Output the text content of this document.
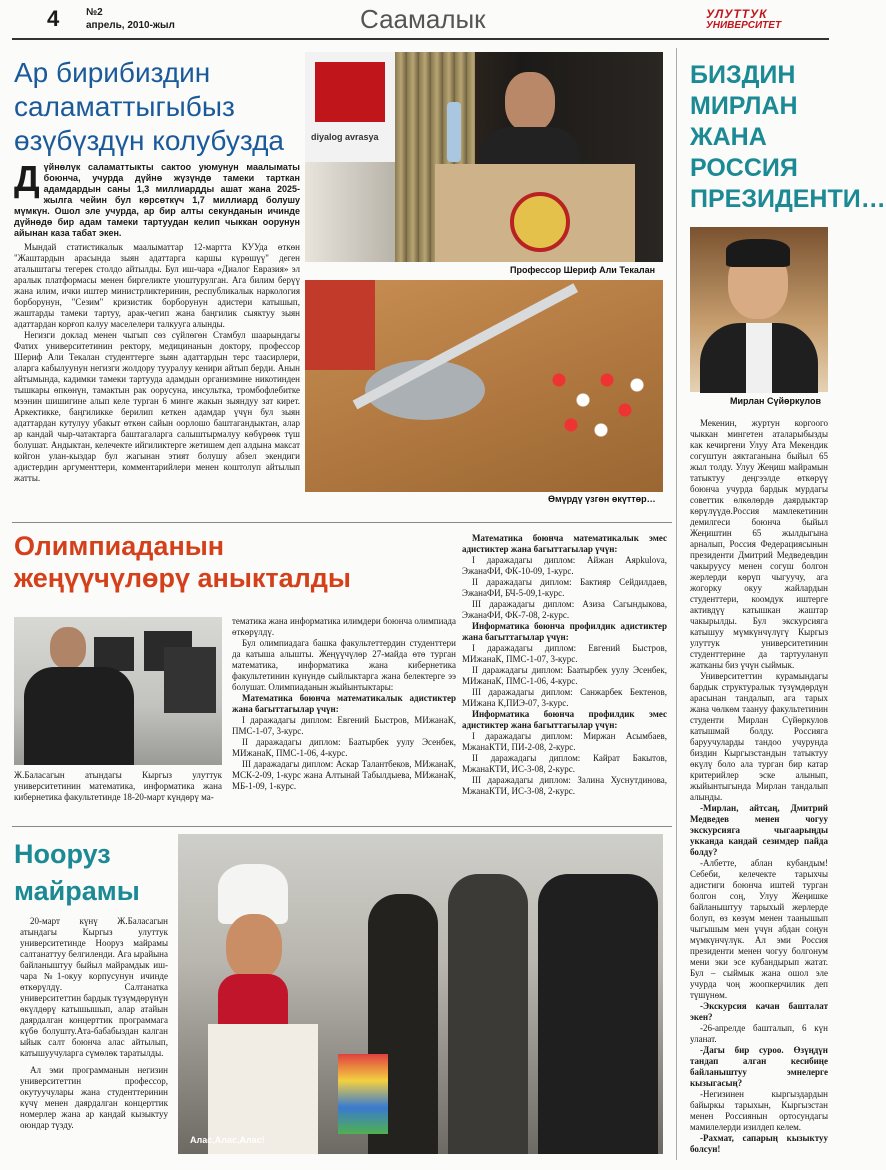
4	№2
апрель, 2010-жыл	Саамалык	УЛУТТУК
УНИВЕРСИТЕТ
Ар бирибиздин
саламаттыгыбыз
өзүбүздүн колубузда
Д үйнөлүк саламаттыкты сактоо уюмунун маалыматы боюнча, учурда дүйнө жүзүндө тамеки тарткан адамдардын саны 1,3 миллиардды ашат жана 2025-жылга чейин бул көрсөткүч 1,7 миллиард болушу мүмкүн. Ошол эле учурда, ар бир алты секунданын ичинде дүйнөдө бир адам тамеки тартуудан келип чыккан оорунун айынан каза табат экен.

Мындай статистикалык маалыматтар 12-мартта КУУда өткөн "Жаштардын арасында зыян адаттарга каршы күрөшүү" деген аталыштагы тегерек столдо айтылды. Бул иш-чара «Диалог Евразия» эл аралык платформасы менен биргеликте уюштурулган. Ага билим берүү жана илим, ички иштер министрликтеринин, республикалык наркология борборунун, "Сезим" кризистик борборунун адистери катышып, жаштарды тамеки тартуу, арак-чегип жана баңгилик сыяктуу зыян адаттардан корғоп калуу маселелери талкууга алынды.

Негизги доклад менен чыгып сөз сүйлөгөн Стамбул шаарындагы Фатих университетинин ректору, медицинанын доктору, профессор Шериф Али Текалан студенттерге зыян адаттардын терс таасирлери, аларга кабылуунун негизги жолдору тууралуу кенири айтып берди. Анын айтымында, кадимки тамеки тартууда адамдын организмине никотинден тышкары өпкөнүн, тамактын рак оорусуна, инсультка, тромбофлебитке мээнин шишигине алып келе турган 6 минге жакын зыяндуу зат кирет. Аркектикке, баңгиликке берилип кеткен адамдар үчүн бул зыян адаттардан кутулуу убакыт өткөн сайын оорлошо баштагандыктан, алар ар кандай чыр-чатактарга баштагаларга салыштырмалуу көбүрөөк түш болушат. Андыктан, келечекте ийгиликтерге жетишем деп алдына максат койгон улан-кыздар бул жагынан этият болушу абзел экендиги адистердин аргументтери, комментарийлери менен коштолуп айтылып жатты.

diyalog avrasya
Профессор Шериф Али Текалан
Өмүрдү үзгөн өкүттөр…
БИЗДИН
МИРЛАН
ЖАНА
РОССИЯ
ПРЕЗИДЕНТИ…
Мирлан Сүйөркулов

Мекенин, журтун коргоого чыккан мингетен аталарыбызды как кечиргени Улуу Ата Мекендик согуштун аяктаганына быйыл 65 жыл толду. Улуу Жеңиш майрамын татыктуу деңгээлде өткөрүү боюнча учурда бардык мурдагы советтик өлкөлөрдө даярдыктар көрүлүүдө.Россия мамлекетинин демилгеси боюнча быйыл Жеңиштин 65 жылдыгына арналып, Россия Федерациясынын президенти Дмитрий Медведевдин чакыруусу менен согуш болгон жерлерди көрүп чыгуучу, ага жогорку окуу жайлардын студенттери, коомдук иштерге активдүү катышкан жаштар чакырылды. Бул экскурсияга катышуу мүмкүнчүлүгү Кыргыз улуттук университетинин студенттерине да тартуулануп жатканы биз үчүн сыймык.

Университеттин курамындагы бардык структуралык түзүмдөрдүн арасынан тандалып, ага тарых жана чөлкөм таануу факультетинин студенти Мирлан Сүйөркулов катышмай болду. Россияга баруучуларды тандоо учурунда биздин Кыргызстандын татыктуу өкүлү боло ала турган бир катар критерийлер эске алынып, жыйынтыгында Мирлан тандалып алынды.

-Мирлан, айтсаң, Дмитрий Медведев менен чогуу экскурсияга чыгаарыңды укканда кандай сезимдер пайда болду?

-Албетте, аблан кубандым! Себеби, келечекте тарыхчы адистиги боюнча иштей турган болгон соң, Улуу Жеңишке байланыштуу тарыхый жерлерде болуп, өз көзүм менен таанышып чыгышым мен үчүн абдан соңун мүмкүнчүлүк. Ал эми Россия президенти менен чогуу болгонум мени эки эсе кубандырып жатат. Бул – сыймык жана ошол эле учурда чоң жоопкерчилик деп түшүнөм.

-Экскурсия качан башталат экен?

-26-апрелде башталып, 6 күн уланат.

-Дагы бир суроо. Өзүңдүн тандап алган кесибиңе байланыштуу эмнелерге кызыгасың?

-Негизинен кыргыздардын байыркы тарыхын, Кыргызстан менен Россиянын ортосундагы мамилелерди изилдеп келем.

-Рахмат, сапарың кызыктуу болсун!

Олимпиаданын
жеңүүчүлөрү аныкталды

Ж.Баласагын атындагы Кыргыз улуттук университетинин математика, информатика жана кибернетика факультетинде 18-20-март күндөрү ма-

тематика жана информатика илимдери боюнча олимпиада өткөрүлдү.

Бул олимпиадага башка факультеттердин студенттери да катыша алышты. Жеңүүчүлөр 27-майда өтө турган математика, информатика жана кибернетика факультетинин күнүндө сыйлыктарга жана белектерге ээ болушат. Олимпиаданын жыйынтыктары:

Математика боюнча математикалык адистиктер жана багыттагылар үчүн:

I даражадагы диплом: Евгений Быстров, МИжанаК, ПМС-1-07, 3-курс.

II даражадагы диплом: Баатырбек уулу Эсенбек, МИжанаК, ПМС-1-06, 4-курс.

III даражадагы диплом: Аскар Талантбеков, МИжанаК, МСК-2-09, 1-курс жана Алтынай Табылдыева, МИжанаК, МБ-1-09, 1-курс.

Математика боюнча математикалык эмес адистиктер жана багыттагылар үчүн:

I даражадагы диплом: Айжан Аярkulova, ЭжанаФИ, ФК-10-09, 1-курс.

II даражадагы диплом: Бактияр Сейдилдаев, ЭжанаФИ, БЧ-5-09,1-курс.

III даражадагы диплом: Азиза Сагындыкова, ЭжанаФИ, ФК-7-08, 2-курс.

Информатика боюнча профилдик адистиктер жана багыттагылар үчүн:

I даражадагы диплом: Евгений Быстров, МИжанаК, ПМС-1-07, 3-курс.

II даражадагы диплом: Баатырбек уулу Эсенбек, МИжанаК, ПМС-1-06, 4-курс.

III даражадагы диплом: Санжарбек Бектенов, МИжана К,ПИЭ-07, 3-курс.

Информатика боюнча профилдик эмес адистиктер жана багыттагылар үчүн:

I даражадагы диплом: Миржан Асымбаев, МжанаКТИ, ПИ-2-08, 2-курс.

II даражадагы диплом: Кайрат Бакытов, МжанаКТИ, ИС-3-08, 2-курс.

III даражадагы диплом: Залина Хуснутдинова, МжанаКТИ, ИС-3-08, 2-курс.

Нооруз
майрамы

20-март күнү Ж.Баласагын атындагы Кыргыз улуттук университетинде Нооруз майрамы салтанаттуу белгиленди. Ага ырайына байланыштуу быйыл майрамдык иш-чара №1-окуу корпусунун ичинде өткөрүлдү. Салтанатка университеттин бардык түзүмдөрүнүн өкүлдөрү катышышып, алар атайын даярдалган концерттик программага күбө болушту.Ата-бабабыздан калган ыйык салт боюнча алас айтылып, катышуучуларга сүмөлөк таратылды.

Ал эми программанын негизин университеттин профессор, окутуучулары жана студенттеринин күчү менен даярдалган концерттик номерлер жана ар кандай кызыктуу оюндар түзду.

Алас,Алас,Алас!
